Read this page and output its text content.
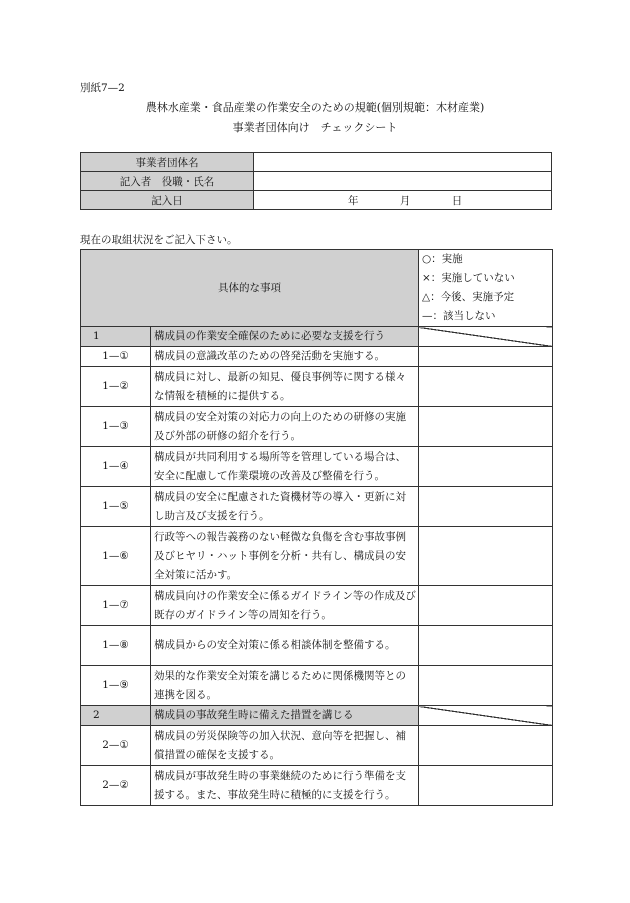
別紙7—2
農林水産業・食品産業の作業安全のための規範(個別規範：木材産業)
事業者団体向け　チェックシート
事業者団体名	
記入者　役職・氏名	
記入日	年 月 日
現在の取組状況をご記入下さい。
具体的な事項		○：実施
×：実施していない
△：今後、実施予定
—：該当しない

1	構成員の作業安全確保のために必要な支援を行う	
1—①	構成員の意識改革のための啓発活動を実施する。	
1—②	構成員に対し、最新の知見、優良事例等に関する様々な情報を積極的に提供する。	
1—③	構成員の安全対策の対応力の向上のための研修の実施及び外部の研修の紹介を行う。	
1—④	構成員が共同利用する場所等を管理している場合は、安全に配慮して作業環境の改善及び整備を行う。	
1—⑤	構成員の安全に配慮された資機材等の導入・更新に対し助言及び支援を行う。	
1—⑥	行政等への報告義務のない軽微な負傷を含む事故事例及びヒヤリ・ハット事例を分析・共有し、構成員の安全対策に活かす。	
1—⑦	構成員向けの作業安全に係るガイドライン等の作成及び既存のガイドライン等の周知を行う。	
1—⑧	構成員からの安全対策に係る相談体制を整備する。	
1—⑨	効果的な作業安全対策を講じるために関係機関等との連携を図る。	
2	構成員の事故発生時に備えた措置を講じる	
2—①	構成員の労災保険等の加入状況、意向等を把握し、補償措置の確保を支援する。	
2—②	構成員が事故発生時の事業継続のために行う準備を支援する。また、事故発生時に積極的に支援を行う。	
